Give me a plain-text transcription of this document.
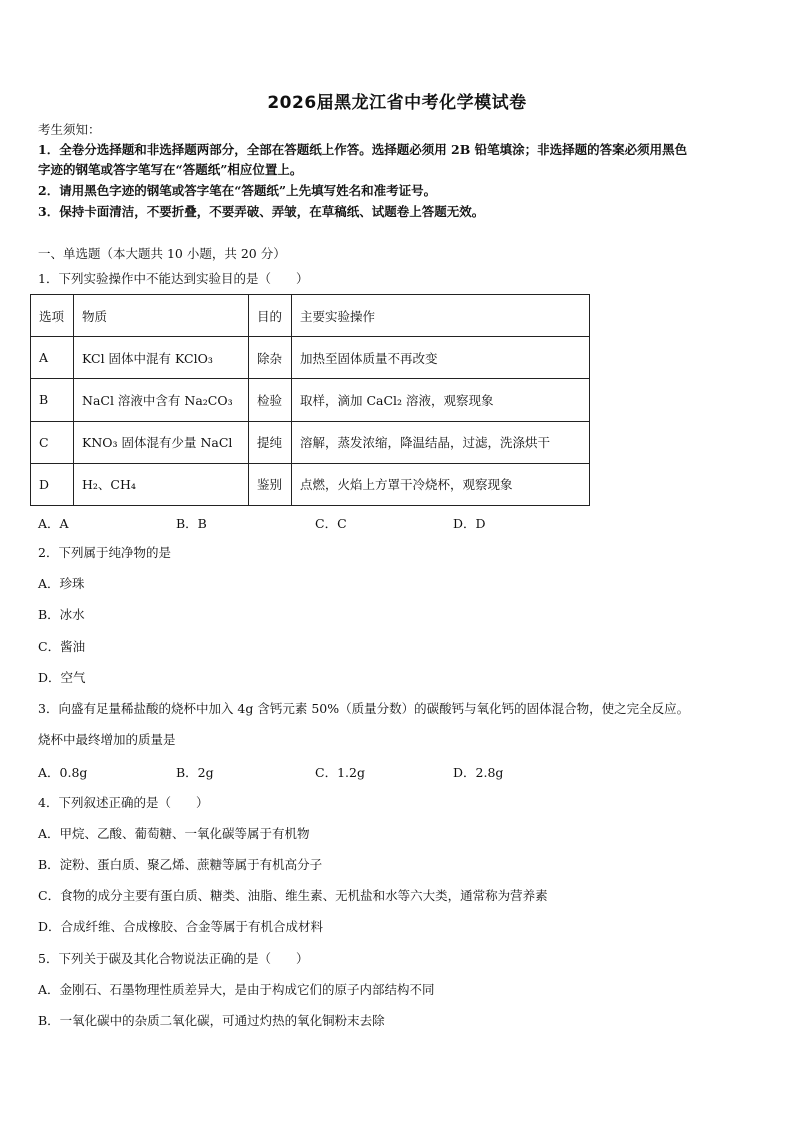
2026届黑龙江省中考化学模试卷
考生须知：
1．全卷分选择题和非选择题两部分，全部在答题纸上作答。选择题必须用 2B 铅笔填涂；非选择题的答案必须用黑色
字迹的钢笔或答字笔写在“答题纸”相应位置上。
2．请用黑色字迹的钢笔或答字笔在“答题纸”上先填写姓名和准考证号。
3．保持卡面清洁，不要折叠，不要弄破、弄皱，在草稿纸、试题卷上答题无效。
一、单选题（本大题共 10 小题，共 20 分）
1．下列实验操作中不能达到实验目的是（　　）
选项	物质	目的	主要实验操作
A	KCl 固体中混有 KClO₃	除杂	加热至固体质量不再改变
B	NaCl 溶液中含有 Na₂CO₃	检验	取样，滴加 CaCl₂ 溶液，观察现象
C	KNO₃ 固体混有少量 NaCl	提纯	溶解，蒸发浓缩，降温结晶，过滤，洗涤烘干
D	H₂、CH₄	鉴别	点燃，火焰上方罩干冷烧杯，观察现象
A．A	B．B	C．C	D．D
2．下列属于纯净物的是
A．珍珠
B．冰水
C．酱油
D．空气
3．向盛有足量稀盐酸的烧杯中加入 4g 含钙元素 50%（质量分数）的碳酸钙与氧化钙的固体混合物，使之完全反应。
烧杯中最终增加的质量是
A．0.8g	B．2g	C．1.2g	D．2.8g
4．下列叙述正确的是（　　）
A．甲烷、乙酸、葡萄糖、一氧化碳等属于有机物
B．淀粉、蛋白质、聚乙烯、蔗糖等属于有机高分子
C．食物的成分主要有蛋白质、糖类、油脂、维生素、无机盐和水等六大类，通常称为营养素
D．合成纤维、合成橡胶、合金等属于有机合成材料
5．下列关于碳及其化合物说法正确的是（　　）
A．金刚石、石墨物理性质差异大，是由于构成它们的原子内部结构不同
B．一氧化碳中的杂质二氧化碳，可通过灼热的氧化铜粉末去除
